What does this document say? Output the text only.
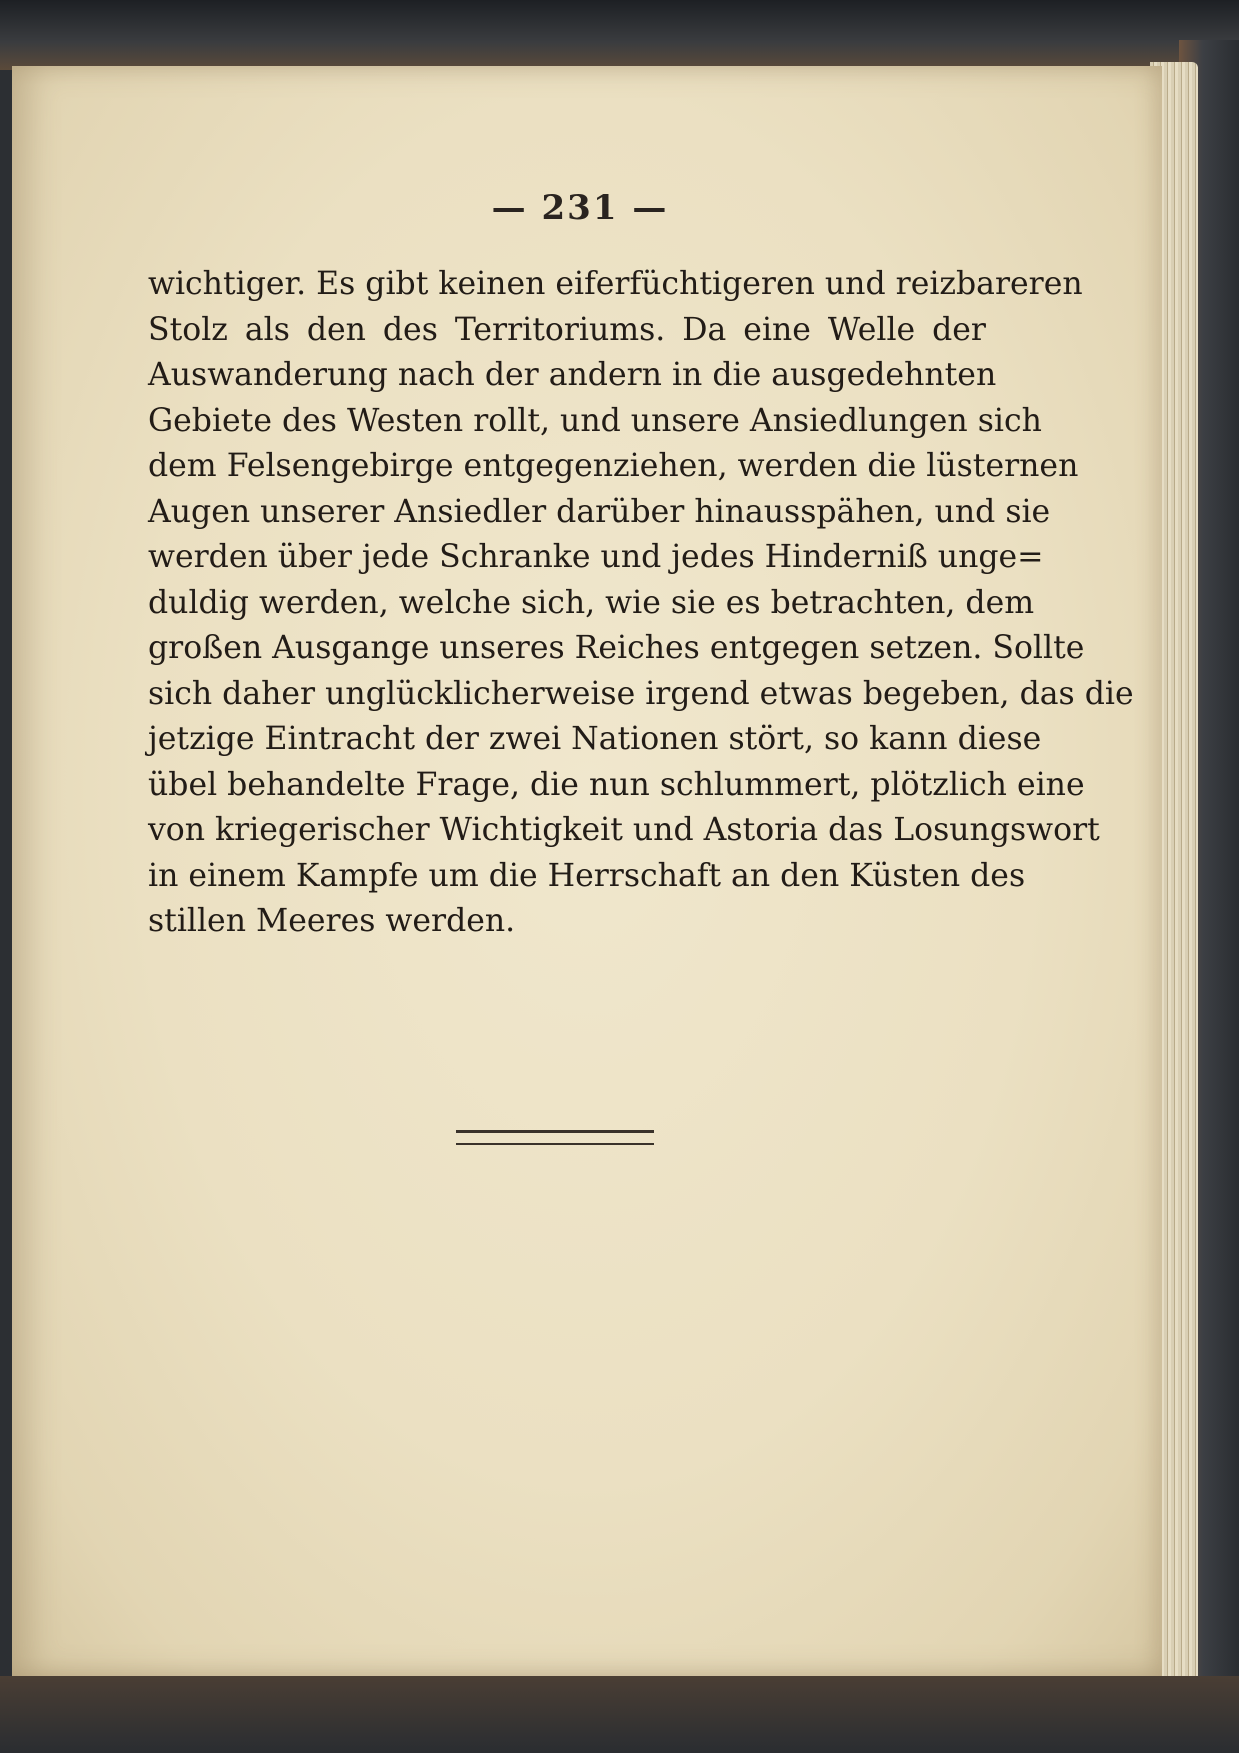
— 231 —
wichtiger. Es gibt keinen eiferfüchtigeren und reizbareren
Stolz als den des Territoriums. Da eine Welle der
Auswanderung nach der andern in die ausgedehnten
Gebiete des Westen rollt, und unsere Ansiedlungen sich
dem Felsengebirge entgegenziehen, werden die lüsternen
Augen unserer Ansiedler darüber hinausspähen, und sie
werden über jede Schranke und jedes Hinderniß unge=
duldig werden, welche sich, wie sie es betrachten, dem
großen Ausgange unseres Reiches entgegen setzen. Sollte
sich daher unglücklicherweise irgend etwas begeben, das die
jetzige Eintracht der zwei Nationen stört, so kann diese
übel behandelte Frage, die nun schlummert, plötzlich eine
von kriegerischer Wichtigkeit und Astoria das Losungswort
in einem Kampfe um die Herrschaft an den Küsten des
stillen Meeres werden.
